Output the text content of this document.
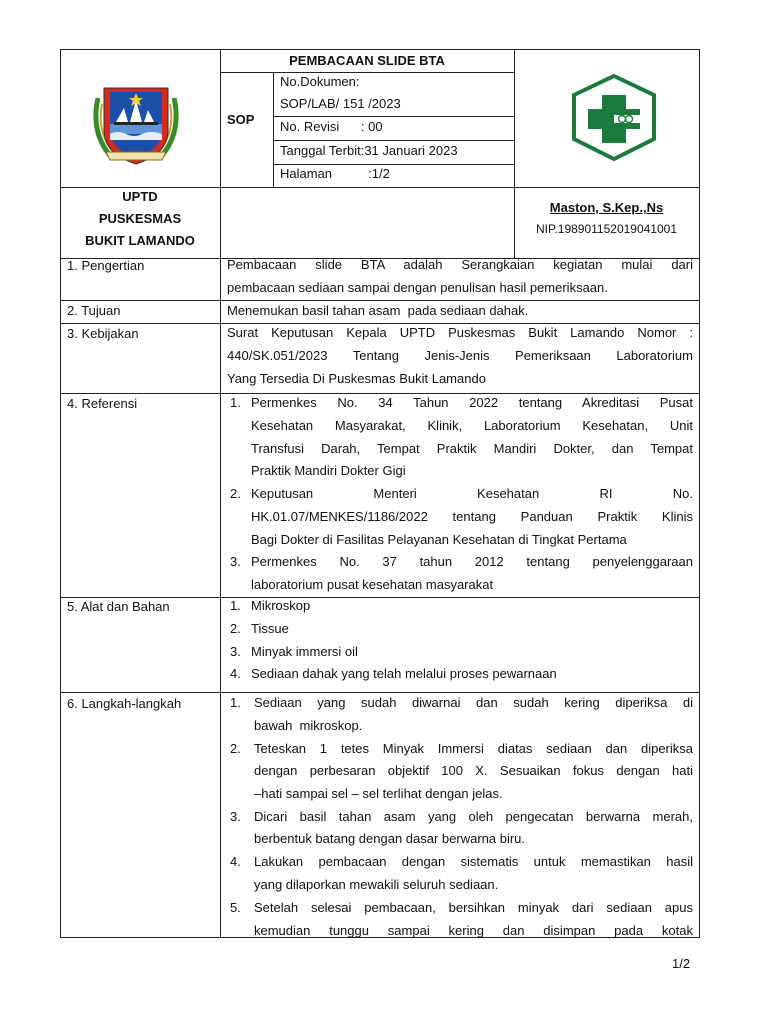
PEMBACAAN SLIDE BTA
SOP
No.Dokumen:
SOP/LAB/ 151 /2023
No. Revisi      : 00
Tanggal Terbit:31 Januari 2023
Halaman          :1/2
UPTD
PUSKESMAS
BUKIT LAMANDO
Maston, S.Kep.,Ns
NIP.198901152019041001
1. Pengertian
2. Tujuan
3. Kebijakan
4. Referensi
5. Alat dan Bahan
6. Langkah-langkah
Pembacaan slide BTA adalah Serangkaian kegiatan mulai dari
pembacaan sediaan sampai dengan penulisan hasil pemeriksaan.
Menemukan basil tahan asam  pada sediaan dahak.
Surat Keputusan Kepala UPTD Puskesmas Bukit Lamando Nomor :
440/SK.051/2023 Tentang Jenis-Jenis Pemeriksaan Laboratorium
Yang Tersedia Di Puskesmas Bukit Lamando
1. Permenkes No. 34 Tahun 2022 tentang Akreditasi Pusat
Kesehatan Masyarakat, Klinik, Laboratorium Kesehatan, Unit
Transfusi Darah, Tempat Praktik Mandiri Dokter, dan Tempat
Praktik Mandiri Dokter Gigi
2. Keputusan Menteri Kesehatan RI No.
HK.01.07/MENKES/1186/2022 tentang Panduan Praktik Klinis
Bagi Dokter di Fasilitas Pelayanan Kesehatan di Tingkat Pertama
3. Permenkes No. 37 tahun 2012 tentang penyelenggaraan
laboratorium pusat kesehatan masyarakat
1. Mikroskop
2. Tissue
3. Minyak immersi oil
4. Sediaan dahak yang telah melalui proses pewarnaan
1. Sediaan yang sudah diwarnai dan sudah kering diperiksa di
bawah  mikroskop.
2. Teteskan 1 tetes Minyak Immersi diatas sediaan dan diperiksa
dengan perbesaran objektif 100 X. Sesuaikan fokus dengan hati
–hati sampai sel – sel terlihat dengan jelas.
3. Dicari basil tahan asam yang oleh pengecatan berwarna merah,
berbentuk batang dengan dasar berwarna biru.
4. Lakukan pembacaan dengan sistematis untuk memastikan hasil
yang dilaporkan mewakili seluruh sediaan.
5. Setelah selesai pembacaan, bersihkan minyak dari sediaan apus
kemudian tunggu sampai kering dan disimpan pada kotak
1/2
